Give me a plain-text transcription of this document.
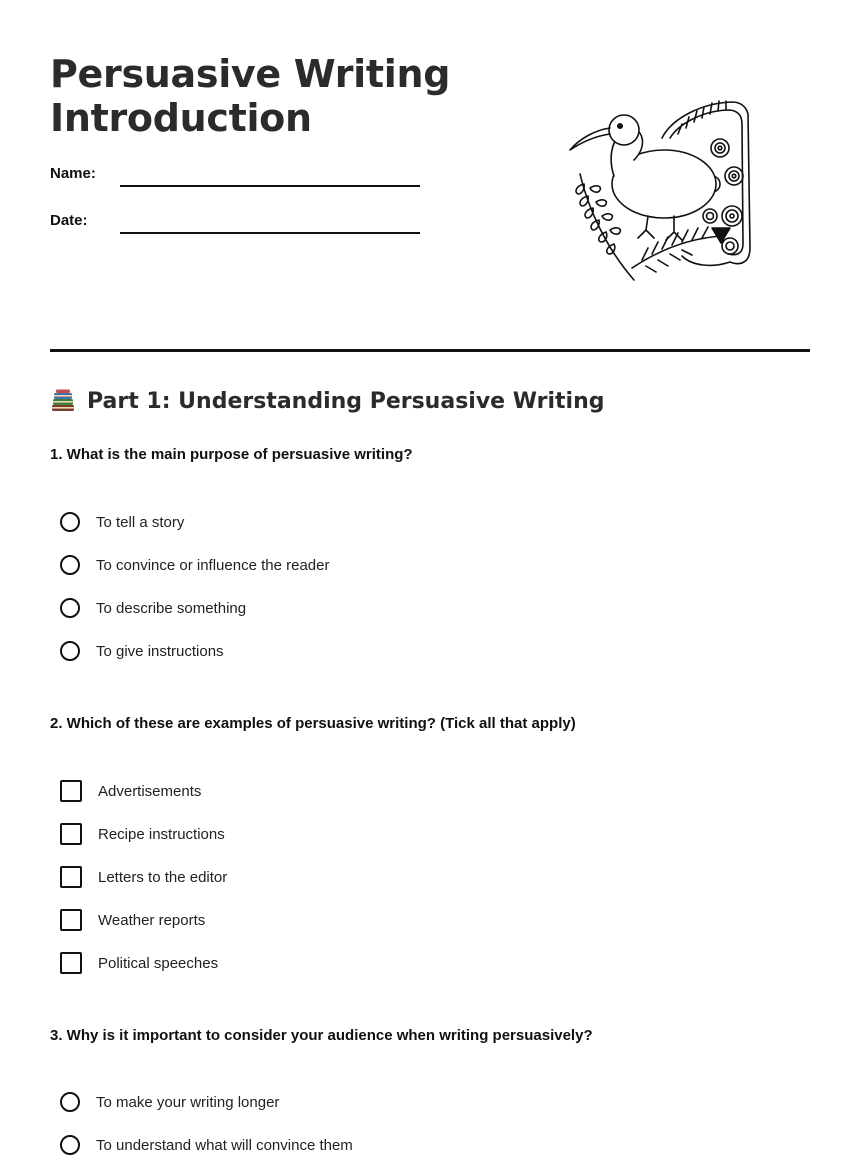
Persuasive Writing
Introduction
Name:
Date:
Part 1: Understanding Persuasive Writing
1. What is the main purpose of persuasive writing?
To tell a story
To convince or influence the reader
To describe something
To give instructions
2. Which of these are examples of persuasive writing? (Tick all that apply)
Advertisements
Recipe instructions
Letters to the editor
Weather reports
Political speeches
3. Why is it important to consider your audience when writing persuasively?
To make your writing longer
To understand what will convince them
